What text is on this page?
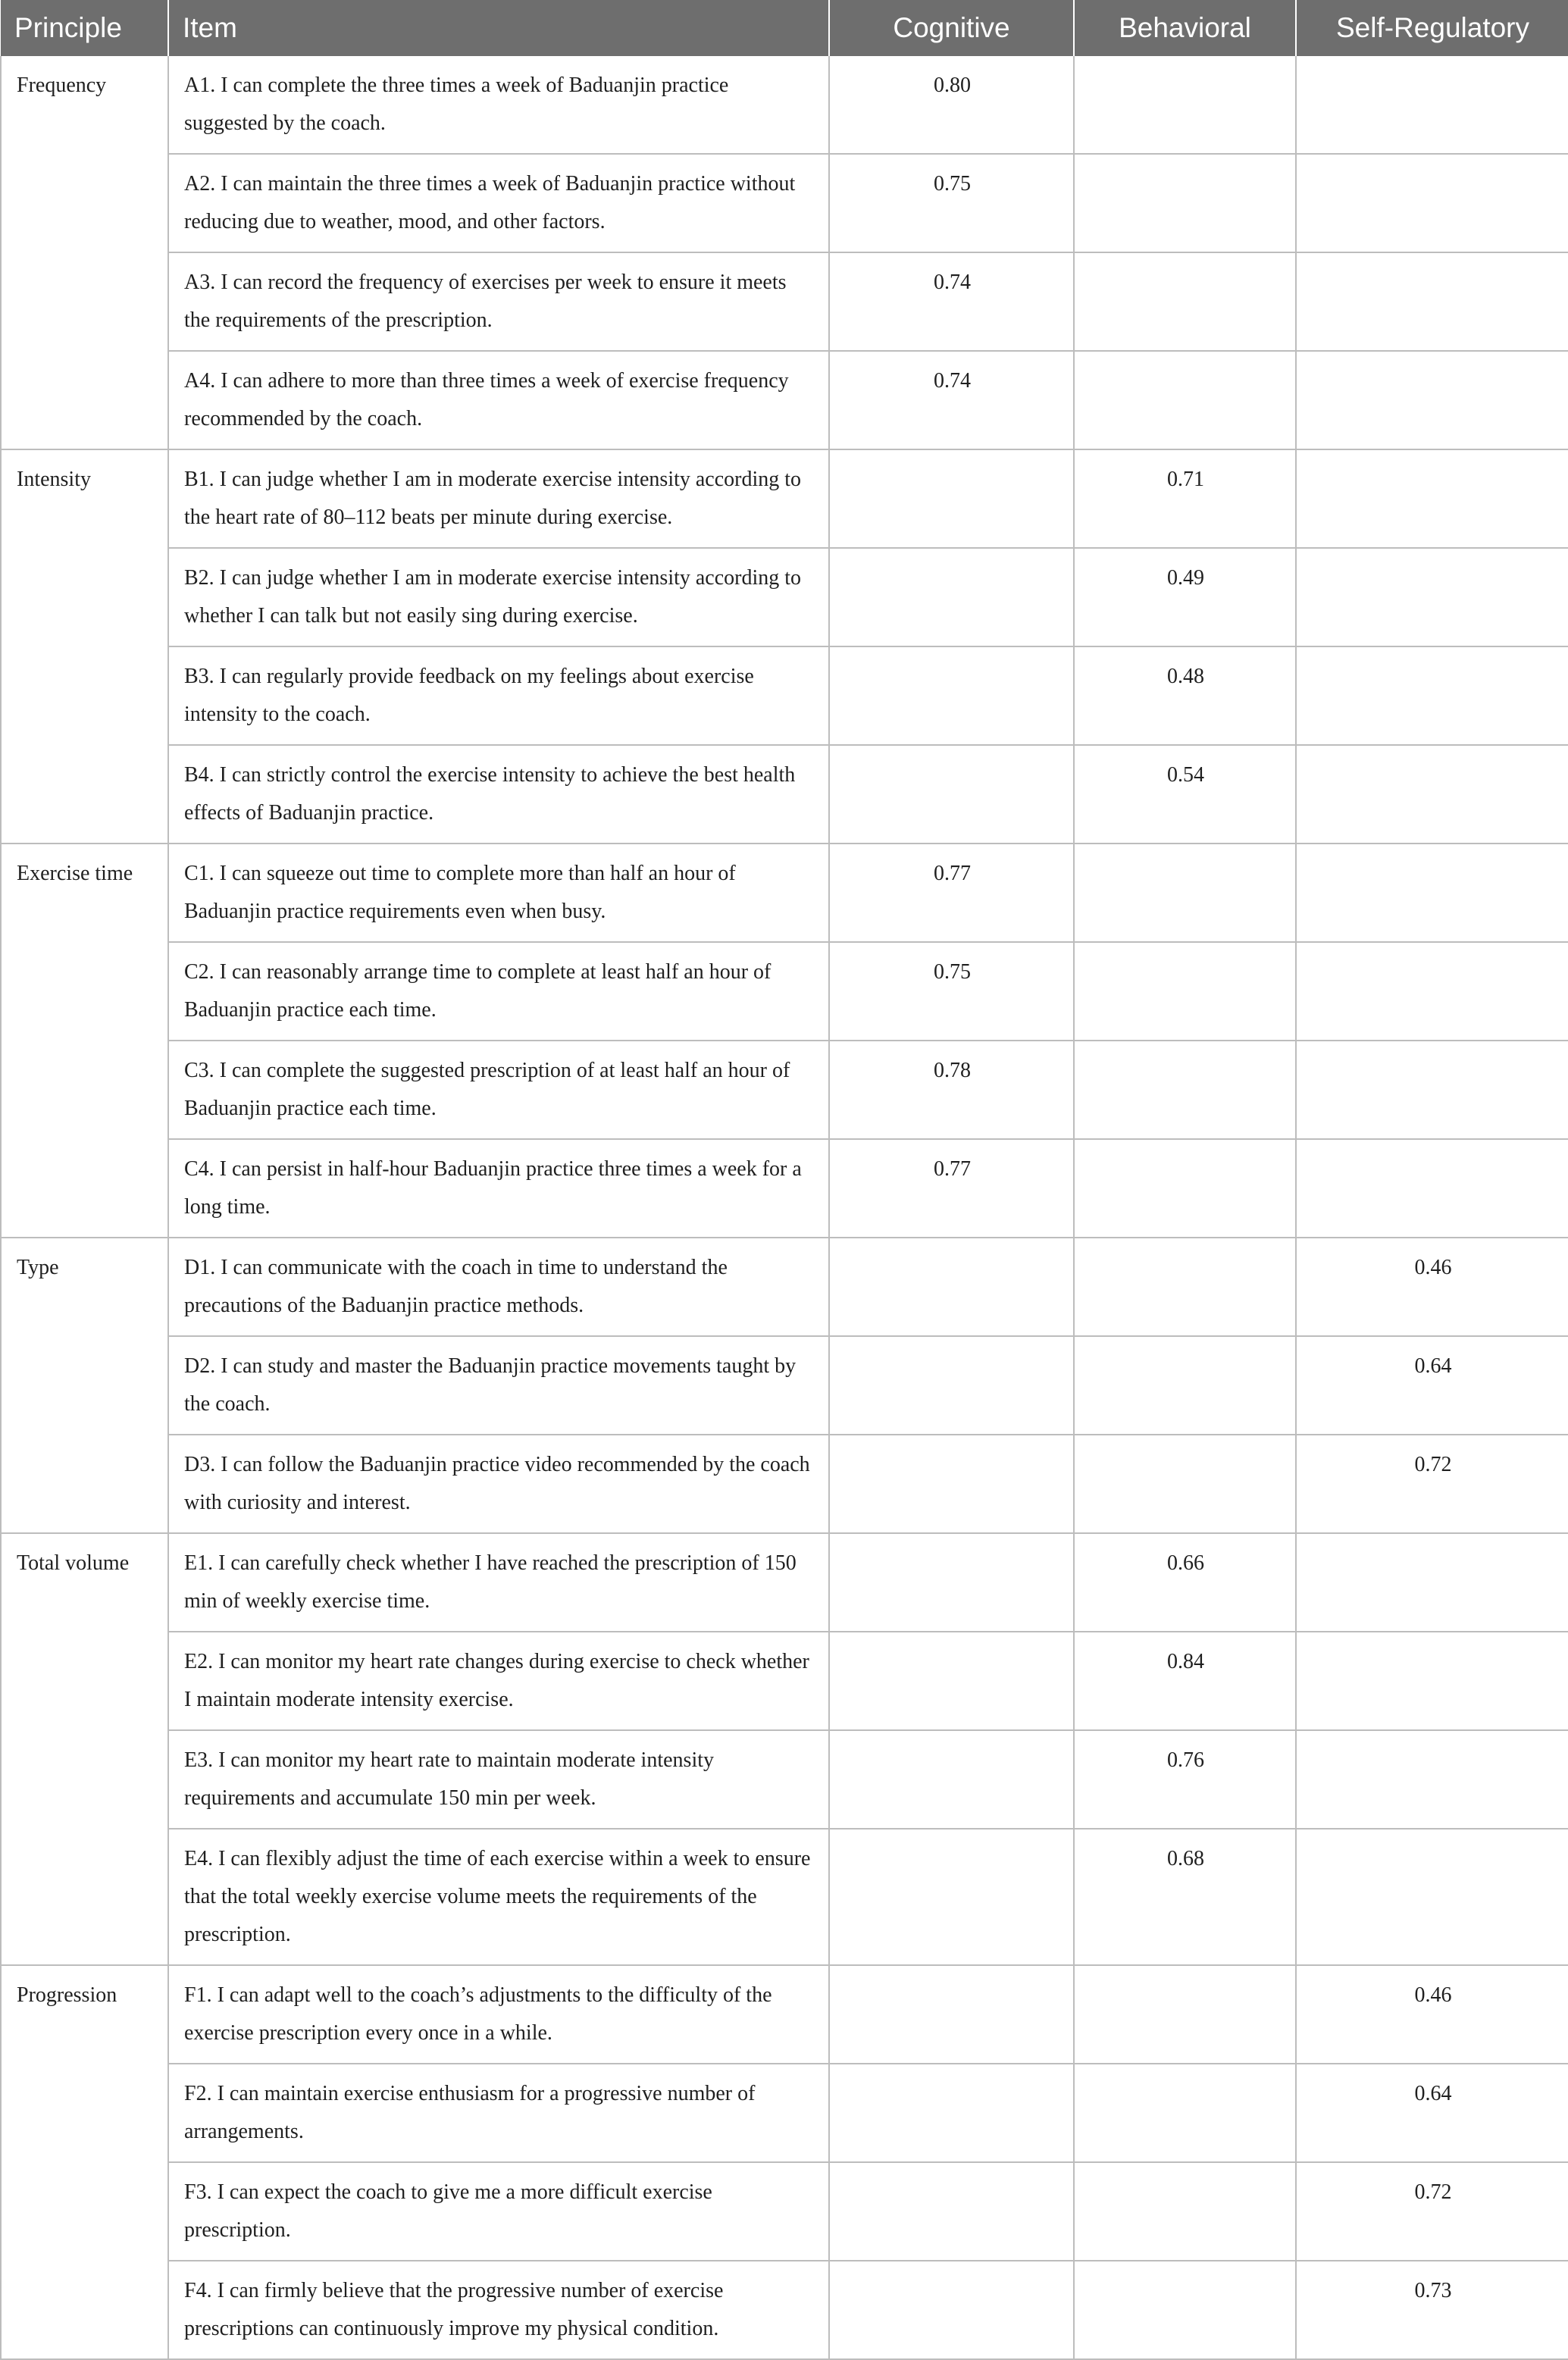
Principle	Item	Cognitive	Behavioral	Self-Regulatory
Frequency	A1. I can complete the three times a week of Baduanjin practice suggested by the coach.	0.80		
	A2. I can maintain the three times a week of Baduanjin practice without reducing due to weather, mood, and other factors.	0.75		
	A3. I can record the frequency of exercises per week to ensure it meets the requirements of the prescription.	0.74		
	A4. I can adhere to more than three times a week of exercise frequency recommended by the coach.	0.74		
Intensity	B1. I can judge whether I am in moderate exercise intensity according to the heart rate of 80–112 beats per minute during exercise.		0.71	
	B2. I can judge whether I am in moderate exercise intensity according to whether I can talk but not easily sing during exercise.		0.49	
	B3. I can regularly provide feedback on my feelings about exercise intensity to the coach.		0.48	
	B4. I can strictly control the exercise intensity to achieve the best health effects of Baduanjin practice.		0.54	
Exercise time	C1. I can squeeze out time to complete more than half an hour of Baduanjin practice requirements even when busy.	0.77		
	C2. I can reasonably arrange time to complete at least half an hour of Baduanjin practice each time.	0.75		
	C3. I can complete the suggested prescription of at least half an hour of Baduanjin practice each time.	0.78		
	C4. I can persist in half-hour Baduanjin practice three times a week for a long time.	0.77		
Type	D1. I can communicate with the coach in time to understand the precautions of the Baduanjin practice methods.			0.46
	D2. I can study and master the Baduanjin practice movements taught by the coach.			0.64
	D3. I can follow the Baduanjin practice video recommended by the coach with curiosity and interest.			0.72
Total volume	E1. I can carefully check whether I have reached the prescription of 150 min of weekly exercise time.		0.66	
	E2. I can monitor my heart rate changes during exercise to check whether I maintain moderate intensity exercise.		0.84	
	E3. I can monitor my heart rate to maintain moderate intensity requirements and accumulate 150 min per week.		0.76	
	E4. I can flexibly adjust the time of each exercise within a week to ensure that the total weekly exercise volume meets the requirements of the prescription.		0.68	
Progression	F1. I can adapt well to the coach’s adjustments to the difficulty of the exercise prescription every once in a while.			0.46
	F2. I can maintain exercise enthusiasm for a progressive number of arrangements.			0.64
	F3. I can expect the coach to give me a more difficult exercise prescription.			0.72
	F4. I can firmly believe that the progressive number of exercise prescriptions can continuously improve my physical condition.			0.73
